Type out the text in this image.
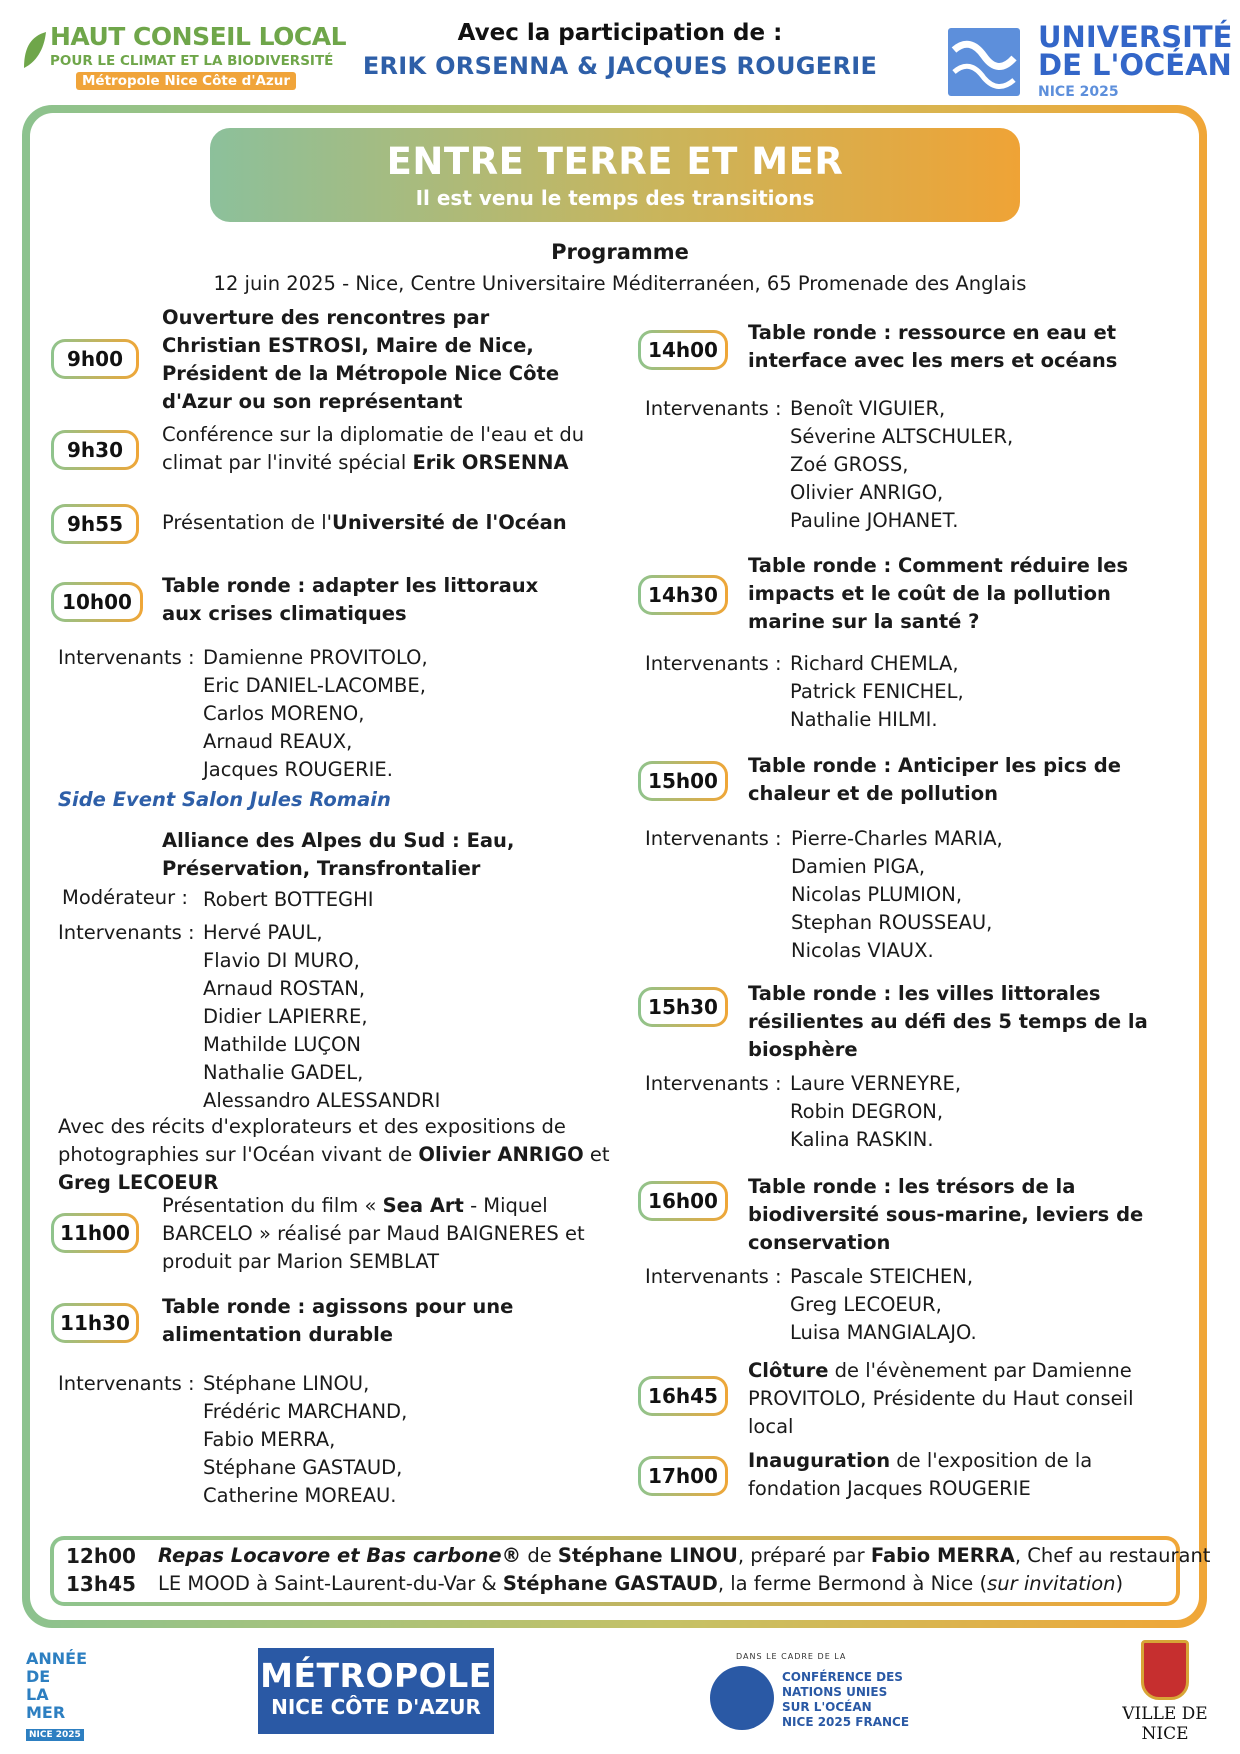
HAUT CONSEIL LOCAL
POUR LE CLIMAT ET LA BIODIVERSITÉ
Métropole Nice Côte d'Azur
Avec la participation de :
ERIK ORSENNA & JACQUES ROUGERIE
UNIVERSITÉ
DE L'OCÉAN
NICE 2025
ENTRE TERRE ET MER
Il est venu le temps des transitions
Programme
12 juin 2025 - Nice, Centre Universitaire Méditerranéen, 65 Promenade des Anglais
9h00
Ouverture des rencontres par Christian ESTROSI, Maire de Nice, Président de la Métropole Nice Côte d'Azur ou son représentant
9h30
Conférence sur la diplomatie de l'eau et du climat par l'invité spécial Erik ORSENNA
9h55	Présentation de l'Université de l'Océan
10h00
Table ronde : adapter les littoraux aux crises climatiques
Intervenants : Damienne PROVITOLO,
Eric DANIEL-LACOMBE,
Carlos MORENO,
Arnaud REAUX,
Jacques ROUGERIE.
Side Event Salon Jules Romain
Alliance des Alpes du Sud : Eau, Préservation, Transfrontalier
Modérateur : Robert BOTTEGHI
Intervenants : Hervé PAUL,
Flavio DI MURO,
Arnaud ROSTAN,
Didier LAPIERRE,
Mathilde LUÇON
Nathalie GADEL,
Alessandro ALESSANDRI
Avec des récits d'explorateurs et des expositions de photographies sur l'Océan vivant de Olivier ANRIGO et Greg LECOEUR
11h00
Présentation du film « Sea Art - Miquel BARCELO » réalisé par Maud BAIGNERES et produit par Marion SEMBLAT
11h30
Table ronde : agissons pour une alimentation durable
Intervenants : Stéphane LINOU,
Frédéric MARCHAND,
Fabio MERRA,
Stéphane GASTAUD,
Catherine MOREAU.
14h00
Table ronde : ressource en eau et interface avec les mers et océans
Intervenants : Benoît VIGUIER,
Séverine ALTSCHULER,
Zoé GROSS,
Olivier ANRIGO,
Pauline JOHANET.
14h30
Table ronde : Comment réduire les impacts et le coût de la pollution marine sur la santé ?
Intervenants : Richard CHEMLA,
Patrick FENICHEL,
Nathalie HILMI.
15h00
Table ronde : Anticiper les pics de chaleur et de pollution
Intervenants : Pierre-Charles MARIA,
Damien PIGA,
Nicolas PLUMION,
Stephan ROUSSEAU,
Nicolas VIAUX.
15h30
Table ronde : les villes littorales résilientes au défi des 5 temps de la biosphère
Intervenants : Laure VERNEYRE,
Robin DEGRON,
Kalina RASKIN.
16h00
Table ronde : les trésors de la biodiversité sous-marine, leviers de conservation
Intervenants : Pascale STEICHEN,
Greg LECOEUR,
Luisa MANGIALAJO.
16h45
Clôture de l'évènement par Damienne PROVITOLO, Présidente du Haut conseil local
17h00
Inauguration de l'exposition de la fondation Jacques ROUGERIE
12h00
13h45
Repas Locavore et Bas carbone® de Stéphane LINOU, préparé par Fabio MERRA, Chef au restaurant
LE MOOD à Saint-Laurent-du-Var & Stéphane GASTAUD, la ferme Bermond à Nice (sur invitation)
ANNÉE
DE
LA
MER
NICE 2025
MÉTROPOLE
NICE CÔTE D'AZUR
DANS LE CADRE DE LA
CONFÉRENCE DES
NATIONS UNIES
SUR L'OCÉAN
NICE 2025 FRANCE	VILLE DE NICE
